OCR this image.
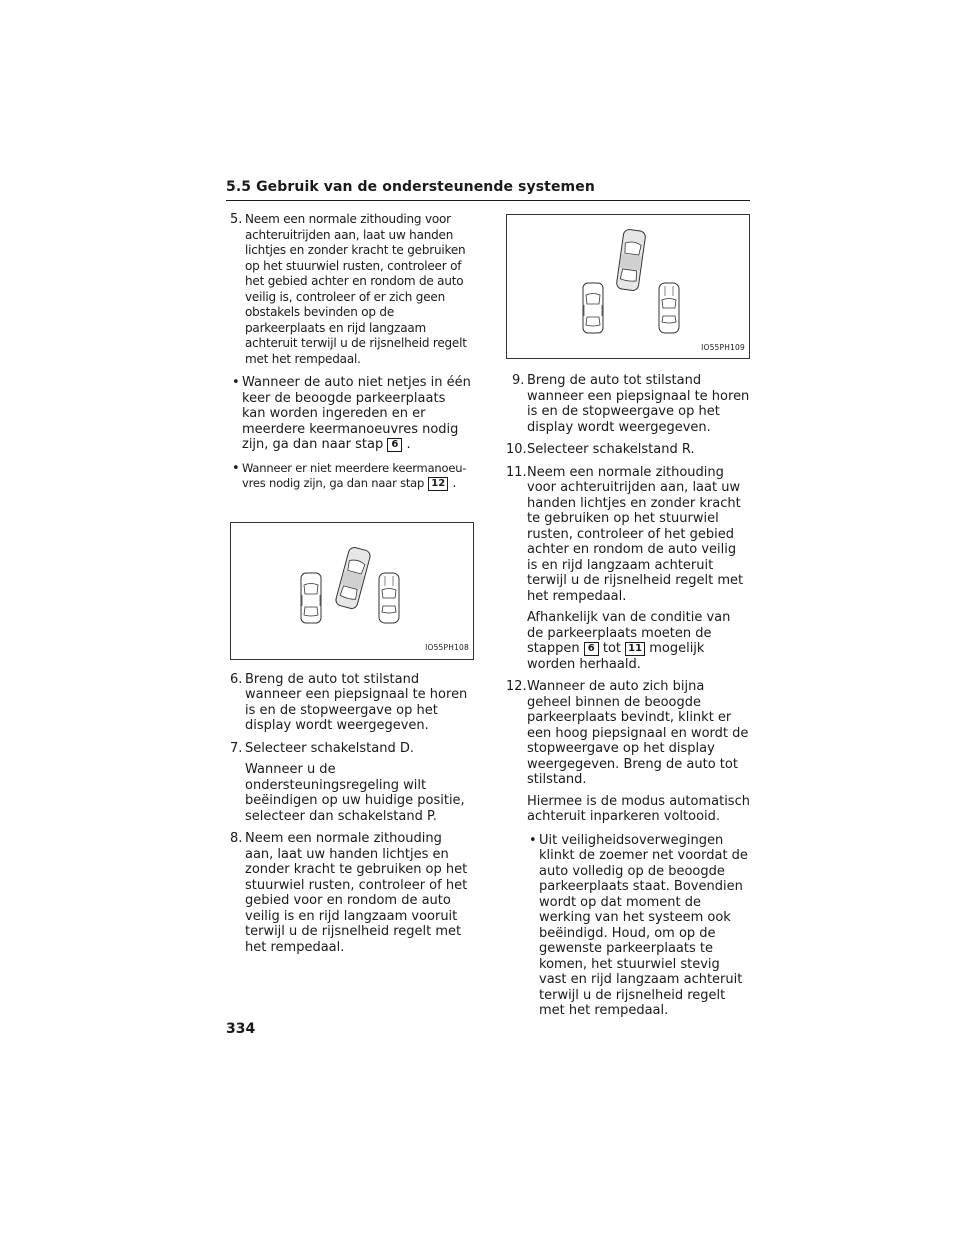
5.5 Gebruik van de ondersteunende systemen
5. Neem een normale zithouding voor achteruitrijden aan, laat uw handen lichtjes en zonder kracht te gebruiken op het stuurwiel rusten, controleer of het gebied achter en rondom de auto veilig is, controleer of er zich geen obstakels bevinden op de parkeerplaats en rijd langzaam achteruit terwijl u de rijsnelheid regelt met het rempedaal.
• Wanneer de auto niet netjes in één keer de beoogde parkeerplaats kan worden ingereden en er meerdere keermanoeuvres nodig zijn, ga dan naar stap 6 .
• Wanneer er niet meerdere keermanoeu- vres nodig zijn, ga dan naar stap 12 .
IO55PH108
6. Breng de auto tot stilstand wanneer een piepsignaal te horen is en de stopweergave op het display wordt weergegeven.
7. Selecteer schakelstand D.
Wanneer u de ondersteuningsregeling wilt beëindigen op uw huidige positie, selecteer dan schakelstand P.
8. Neem een normale zithouding aan, laat uw handen lichtjes en zonder kracht te gebruiken op het stuurwiel rusten, controleer of het gebied voor en rondom de auto veilig is en rijd langzaam vooruit terwijl u de rijsnelheid regelt met het rempedaal.
IO55PH109
9. Breng de auto tot stilstand wanneer een piepsignaal te horen is en de stopweergave op het display wordt weergegeven.
10. Selecteer schakelstand R.
11. Neem een normale zithouding voor achteruitrijden aan, laat uw handen lichtjes en zonder kracht te gebruiken op het stuurwiel rusten, controleer of het gebied achter en rondom de auto veilig is en rijd langzaam achteruit terwijl u de rijsnelheid regelt met het rempedaal.
Afhankelijk van de conditie van de parkeerplaats moeten de stappen 6 tot 11 mogelijk worden herhaald.
12. Wanneer de auto zich bijna geheel binnen de beoogde parkeerplaats bevindt, klinkt er een hoog piepsignaal en wordt de stopweergave op het display weergegeven. Breng de auto tot stilstand.
Hiermee is de modus automatisch achteruit inparkeren voltooid.
• Uit veiligheidsoverwegingen klinkt de zoemer net voordat de auto volledig op de beoogde parkeerplaats staat. Bovendien wordt op dat moment de werking van het systeem ook beëindigd. Houd, om op de gewenste parkeerplaats te komen, het stuurwiel stevig vast en rijd langzaam achteruit terwijl u de rijsnelheid regelt met het rempedaal.
334
